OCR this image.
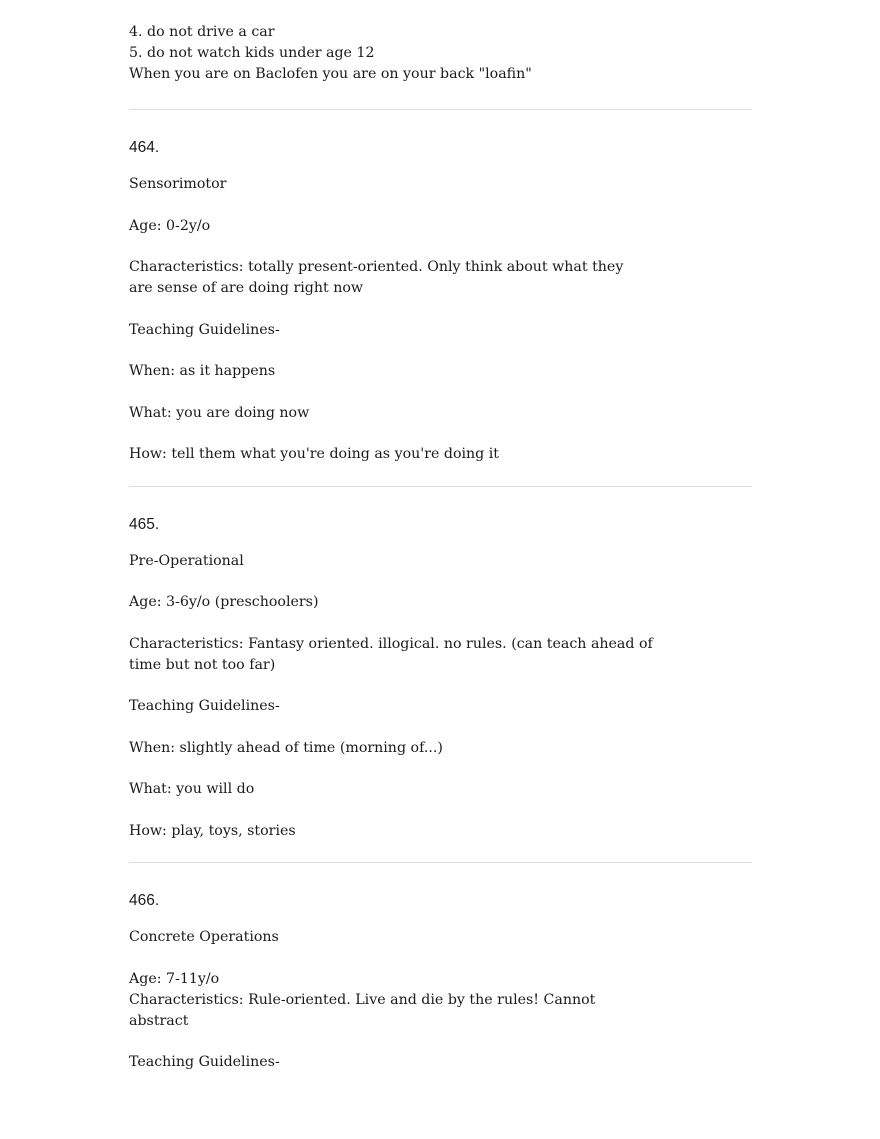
4. do not drive a car
5. do not watch kids under age 12
When you are on Baclofen you are on your back "loafin"

464.

Sensorimotor

Age: 0-2y/o

Characteristics: totally present-oriented. Only think about what they
are sense of are doing right now

Teaching Guidelines-

When: as it happens

What: you are doing now

How: tell them what you're doing as you're doing it

465.

Pre-Operational

Age: 3-6y/o (preschoolers)

Characteristics: Fantasy oriented. illogical. no rules. (can teach ahead of
time but not too far)

Teaching Guidelines-

When: slightly ahead of time (morning of...)

What: you will do

How: play, toys, stories

466.

Concrete Operations

Age: 7-11y/o

Characteristics: Rule-oriented. Live and die by the rules! Cannot
abstract

Teaching Guidelines-
